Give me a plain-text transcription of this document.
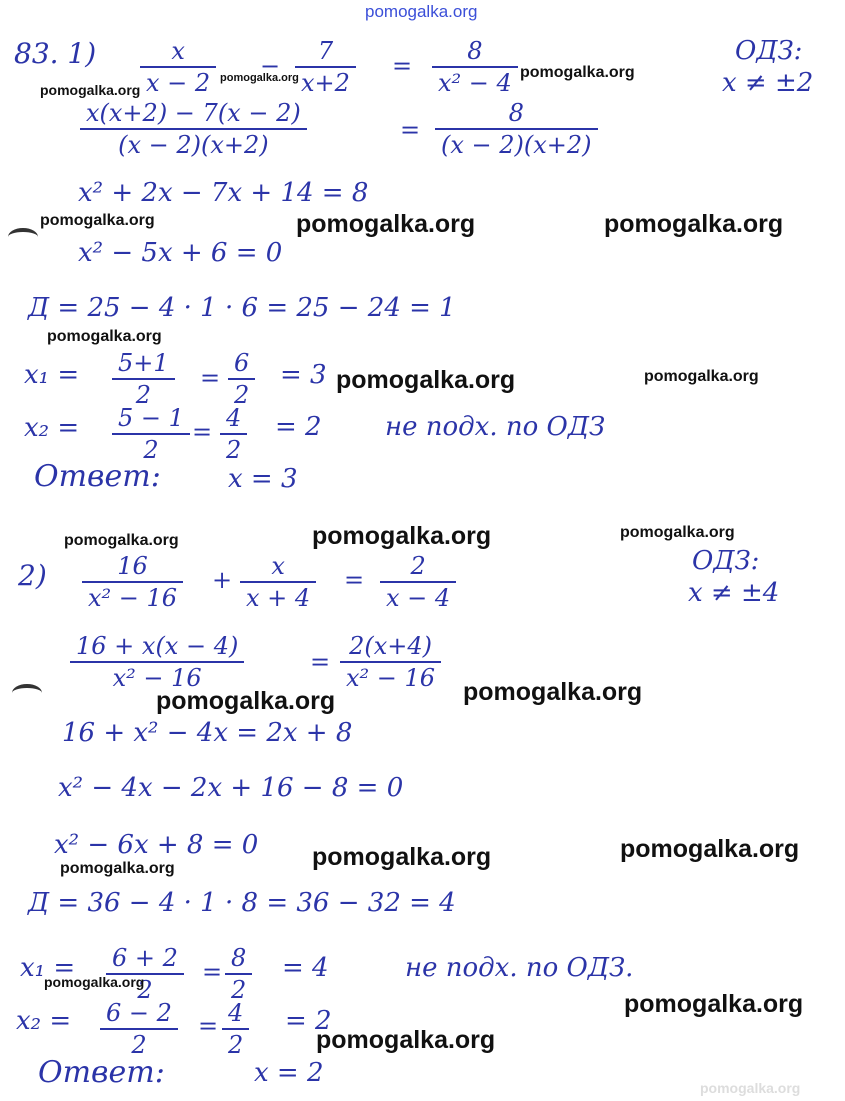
pomogalka.org
83. 1)	x
x − 2
−
7
x+2
=
8
x² − 4
ОДЗ:
x ≠ ±2
x(x+2) − 7(x − 2)
(x − 2)(x+2)
=
8
(x − 2)(x+2)
x² + 2x − 7x + 14 = 8
x² − 5x + 6 = 0
Д = 25 − 4 · 1 · 6 = 25 − 24 = 1
x₁ = 5+1
2
=
6
2
= 3
x₂ = 5 − 1
2
= 4
2
= 2 не подх. по ОДЗ
Ответ:	x = 3
2)	16
x² − 16
+ x
x + 4
= 2
x − 4
ОДЗ:
x ≠ ±4
16 + x(x − 4)
x² − 16
=
2(x+4)
x² − 16
16 + x² − 4x = 2x + 8
x² − 4x − 2x + 16 − 8 = 0
x² − 6x + 8 = 0
Д = 36 − 4 · 1 · 8 = 36 − 32 = 4
x₁ = 6 + 2
2
= 8
2
= 4	не подх. по ОДЗ.
x₂ = 6 − 2
2
= 4
2
= 2
Ответ:	x = 2
pomogalka.org	pomogalka.org
pomogalka.org
pomogalka.org	pomogalka.org	pomogalka.org
pomogalka.org
pomogalka.org	pomogalka.org
pomogalka.org	pomogalka.org	pomogalka.org
pomogalka.org	pomogalka.org
pomogalka.org	pomogalka.org
pomogalka.org
pomogalka.org
pomogalka.org
pomogalka.org
pomogalka.org
